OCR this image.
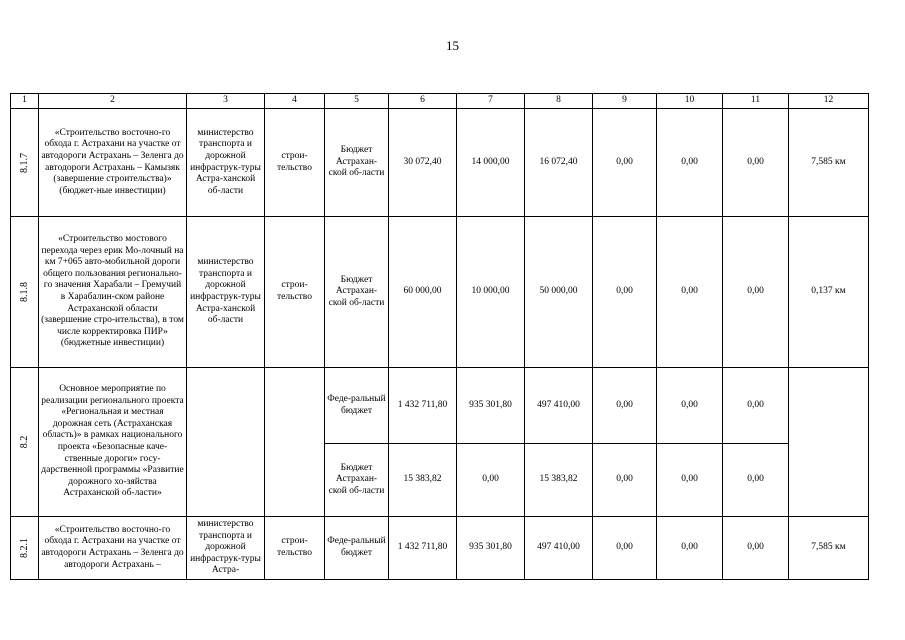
15
1	2	3	4	5	6	7	8	9	10	11	12

8.1.7	«Строительство восточно-го обхода г. Астрахани на участке от автодороги Астрахань – Зеленга до автодороги Астрахань – Камызяк (завершение строительства)» (бюджет-ные инвестиции)	министерство транспорта и дорожной инфраструк-туры Астра-ханской об-ласти	строи-тельство	Бюджет Астрахан-ской об-ласти	30 072,40	14 000,00	16 072,40	0,00	0,00	0,00	7,585 км

8.1.8	«Строительство мостового перехода через ерик Мо-лочный на км 7+065 авто-мобильной дороги общего пользования регионально-го значения Харабали – Гремучий в Харабалин-ском районе Астраханской области (завершение стро-ительства), в том числе корректировка ПИР» (бюджетные инвестиции)	министерство транспорта и дорожной инфраструк-туры Астра-ханской об-ласти	строи-тельство	Бюджет Астрахан-ской об-ласти	60 000,00	10 000,00	50 000,00	0,00	0,00	0,00	0,137 км

8.2	Основное мероприятие по реализации регионального проекта «Региональная и местная дорожная сеть (Астраханская область)» в рамках национального проекта «Безопасные каче-ственные дороги» госу-дарственной программы «Развитие дорожного хо-зяйства Астраханской об-ласти»			Феде-ральный бюджет	1 432 711,80	935 301,80	497 410,00	0,00	0,00	0,00	
				Бюджет Астрахан-ской об-ласти	15 383,82	0,00	15 383,82	0,00	0,00	0,00	

8.2.1	«Строительство восточно-го обхода г. Астрахани на участке от автодороги Астрахань – Зеленга до автодороги Астрахань –	министерство транспорта и дорожной инфраструк-туры Астра-	строи-тельство	Феде-ральный бюджет	1 432 711,80	935 301,80	497 410,00	0,00	0,00	0,00	7,585 км
